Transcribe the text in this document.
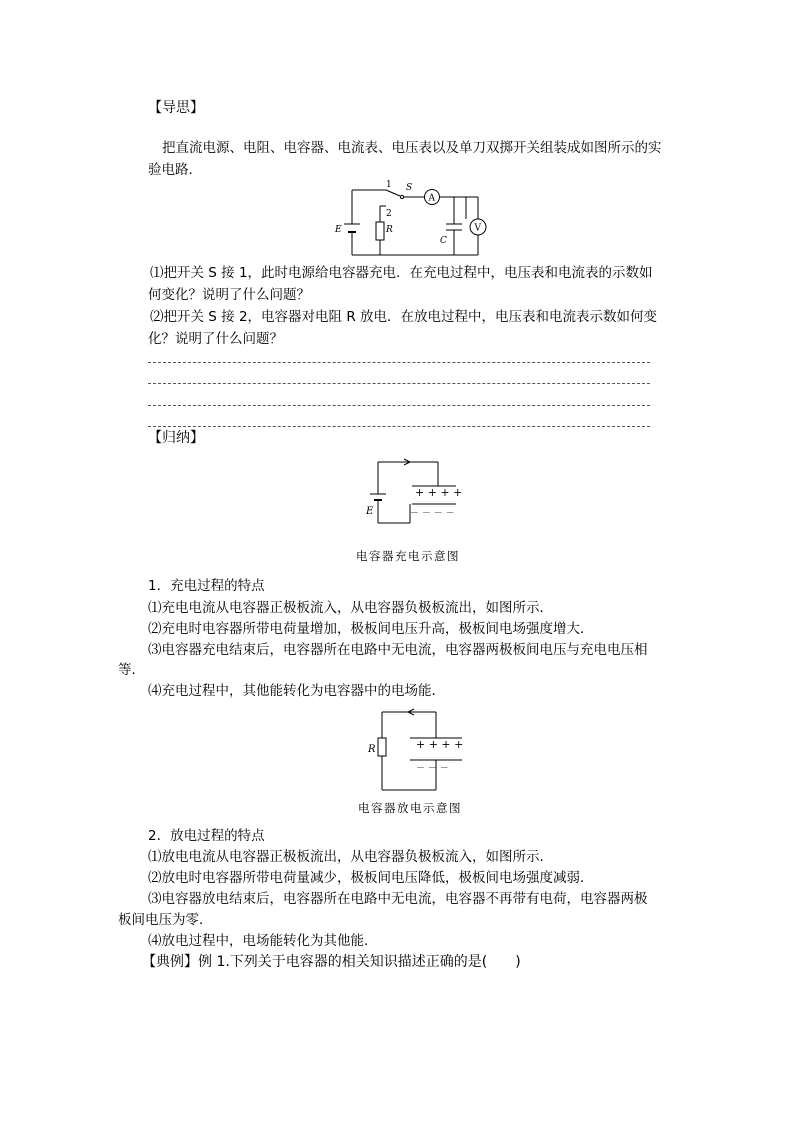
【导思】
把直流电源、电阻、电容器、电流表、电压表以及单刀双掷开关组装成如图所示的实
验电路．
1 S
2
A
V
E	R
C
⑴把开关 S 接 1，此时电源给电容器充电．在充电过程中，电压表和电流表的示数如
何变化？说明了什么问题？
⑵把开关 S 接 2，电容器对电阻 R 放电．在放电过程中，电压表和电流表示数如何变
化？说明了什么问题？
【归纳】
+ + + +
－ － － －
E
电容器充电示意图
1．充电过程的特点
⑴充电电流从电容器正极板流入，从电容器负极板流出，如图所示．
⑵充电时电容器所带电荷量增加，极板间电压升高，极板间电场强度增大．
⑶电容器充电结束后，电容器所在电路中无电流，电容器两极板间电压与充电电压相
等．
⑷充电过程中，其他能转化为电容器中的电场能．
+ + + +
－ － －
R
电容器放电示意图
2．放电过程的特点
⑴放电电流从电容器正极板流出，从电容器负极板流入，如图所示．
⑵放电时电容器所带电荷量减少，极板间电压降低，极板间电场强度减弱．
⑶电容器放电结束后，电容器所在电路中无电流，电容器不再带有电荷，电容器两极
板间电压为零．
⑷放电过程中，电场能转化为其他能．
【典例】例 1.下列关于电容器的相关知识描述正确的是(　　)
